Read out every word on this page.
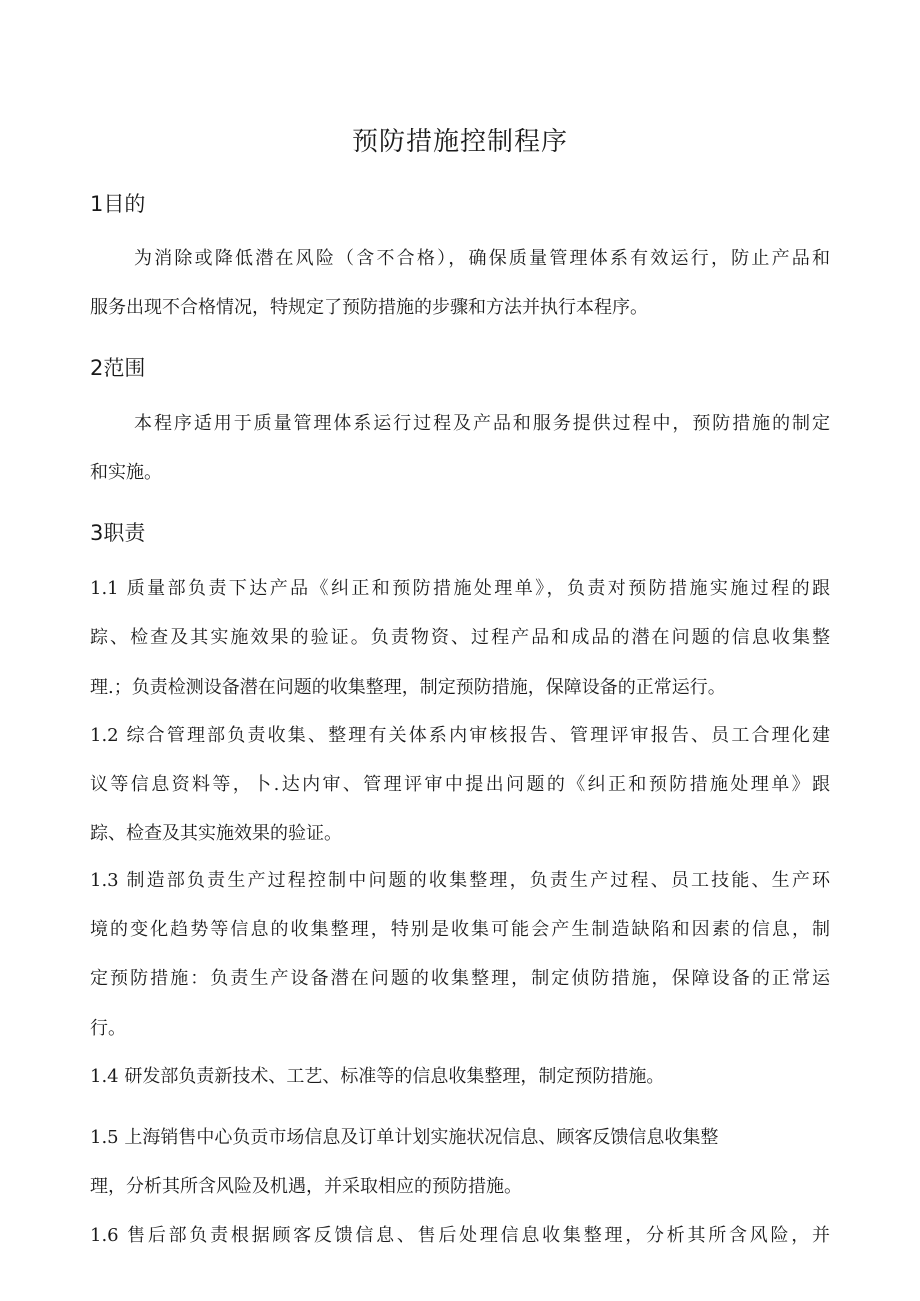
预防措施控制程序
1目的
为消除或降低潜在风险（含不合格），确保质量管理体系有效运行，防止产品和
服务出现不合格情况，特规定了预防措施的步骤和方法并执行本程序。
2范围
本程序适用于质量管理体系运行过程及产品和服务提供过程中，预防措施的制定
和实施。
3职责
1.1 质量部负责下达产品《纠正和预防措施处理单》，负责对预防措施实施过程的跟
踪、检查及其实施效果的验证。负责物资、过程产品和成品的潜在问题的信息收集整
理.；负责检测设备潜在问题的收集整理，制定预防措施，保障设备的正常运行。
1.2 综合管理部负责收集、整理有关体系内审核报告、管理评审报告、员工合理化建
议等信息资料等，卜.达内审、管理评审中提出问题的《纠正和预防措施处理单》跟
踪、检查及其实施效果的验证。
1.3 制造部负责生产过程控制中问题的收集整理，负责生产过程、员工技能、生产环
境的变化趋势等信息的收集整理，特别是收集可能会产生制造缺陷和因素的信息，制
定预防措施：负责生产设备潜在问题的收集整理，制定侦防措施，保障设备的正常运
行。
1.4 研发部负责新技术、工艺、标准等的信息收集整理，制定预防措施。
1.5 上海销售中心负贡市场信息及订单计划实施状况信息、顾客反馈信息收集整
理，分析其所含风险及机遇，并采取相应的预防措施。
1.6 售后部负责根据顾客反馈信息、售后处理信息收集整理，分析其所含风险，并
